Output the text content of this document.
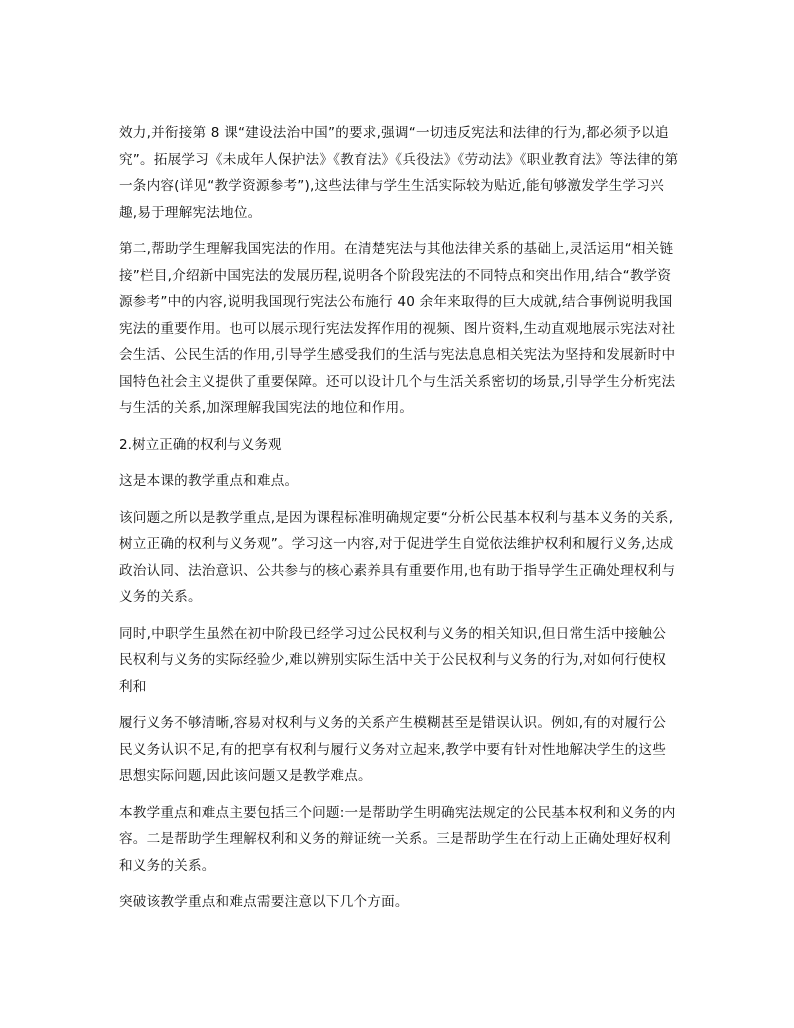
效力,并衔接第 8 课“建设法治中国”的要求,强调“一切违反宪法和法律的行为,都必须予以追究”。拓展学习《未成年人保护法》《教育法》《兵役法》《劳动法》《职业教育法》等法律的第一条内容(详见“教学资源参考”),这些法律与学生生活实际较为贴近,能旬够激发学生学习兴趣,易于理解宪法地位。

第二,帮助学生理解我国宪法的作用。在清楚宪法与其他法律关系的基础上,灵活运用“相关链接”栏目,介绍新中国宪法的发展历程,说明各个阶段宪法的不同特点和突出作用,结合“教学资源参考”中的内容,说明我国现行宪法公布施行 40 余年来取得的巨大成就,结合事例说明我国宪法的重要作用。也可以展示现行宪法发挥作用的视频、图片资料,生动直观地展示宪法对社会生活、公民生活的作用,引导学生感受我们的生活与宪法息息相关宪法为坚持和发展新时中国特色社会主义提供了重要保障。还可以设计几个与生活关系密切的场景,引导学生分析宪法与生活的关系,加深理解我国宪法的地位和作用。

2.树立正确的权利与义务观

这是本课的教学重点和难点。

该问题之所以是教学重点,是因为课程标准明确规定要“分析公民基本权利与基本义务的关系,树立正确的权利与义务观”。学习这一内容,对于促进学生自觉依法维护权利和履行义务,达成政治认同、法治意识、公共参与的核心素养具有重要作用,也有助于指导学生正确处理权利与义务的关系。

同时,中职学生虽然在初中阶段已经学习过公民权利与义务的相关知识,但日常生活中接触公民权利与义务的实际经验少,难以辨别实际生活中关于公民权利与义务的行为,对如何行使权利和

履行义务不够清晰,容易对权利与义务的关系产生模糊甚至是错误认识。例如,有的对履行公民义务认识不足,有的把享有权利与履行义务对立起来,教学中要有针对性地解决学生的这些思想实际问题,因此该问题又是教学难点。

本教学重点和难点主要包括三个问题:一是帮助学生明确宪法规定的公民基本权利和义务的内容。二是帮助学生理解权利和义务的辩证统一关系。三是帮助学生在行动上正确处理好权利和义务的关系。

突破该教学重点和难点需要注意以下几个方面。
